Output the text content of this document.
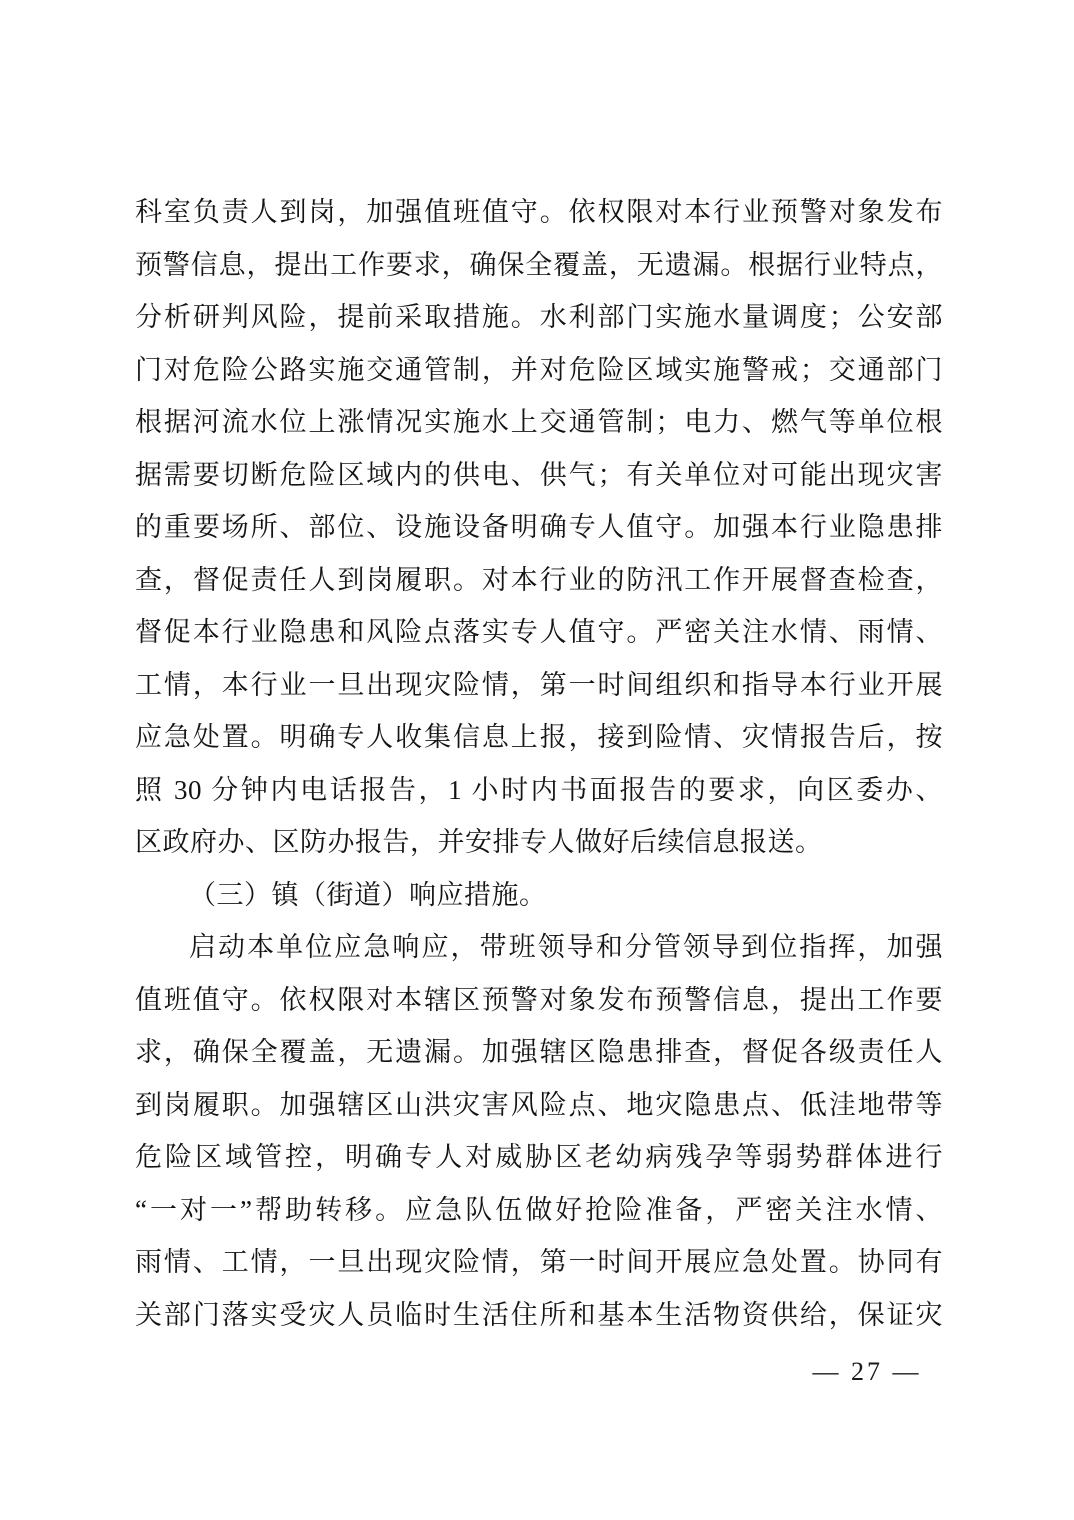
科室负责人到岗，加强值班值守。依权限对本行业预警对象发布
预警信息，提出工作要求，确保全覆盖，无遗漏。根据行业特点，
分析研判风险，提前采取措施。水利部门实施水量调度；公安部
门对危险公路实施交通管制，并对危险区域实施警戒；交通部门
根据河流水位上涨情况实施水上交通管制；电力、燃气等单位根
据需要切断危险区域内的供电、供气；有关单位对可能出现灾害
的重要场所、部位、设施设备明确专人值守。加强本行业隐患排
查，督促责任人到岗履职。对本行业的防汛工作开展督查检查，
督促本行业隐患和风险点落实专人值守。严密关注水情、雨情、
工情，本行业一旦出现灾险情，第一时间组织和指导本行业开展
应急处置。明确专人收集信息上报，接到险情、灾情报告后，按
照 30 分钟内电话报告，1 小时内书面报告的要求，向区委办、
区政府办、区防办报告，并安排专人做好后续信息报送。
（三）镇（街道）响应措施。
启动本单位应急响应，带班领导和分管领导到位指挥，加强
值班值守。依权限对本辖区预警对象发布预警信息，提出工作要
求，确保全覆盖，无遗漏。加强辖区隐患排查，督促各级责任人
到岗履职。加强辖区山洪灾害风险点、地灾隐患点、低洼地带等
危险区域管控，明确专人对威胁区老幼病残孕等弱势群体进行
“一对一”帮助转移。应急队伍做好抢险准备，严密关注水情、
雨情、工情，一旦出现灾险情，第一时间开展应急处置。协同有
关部门落实受灾人员临时生活住所和基本生活物资供给，保证灾
— 27 —
